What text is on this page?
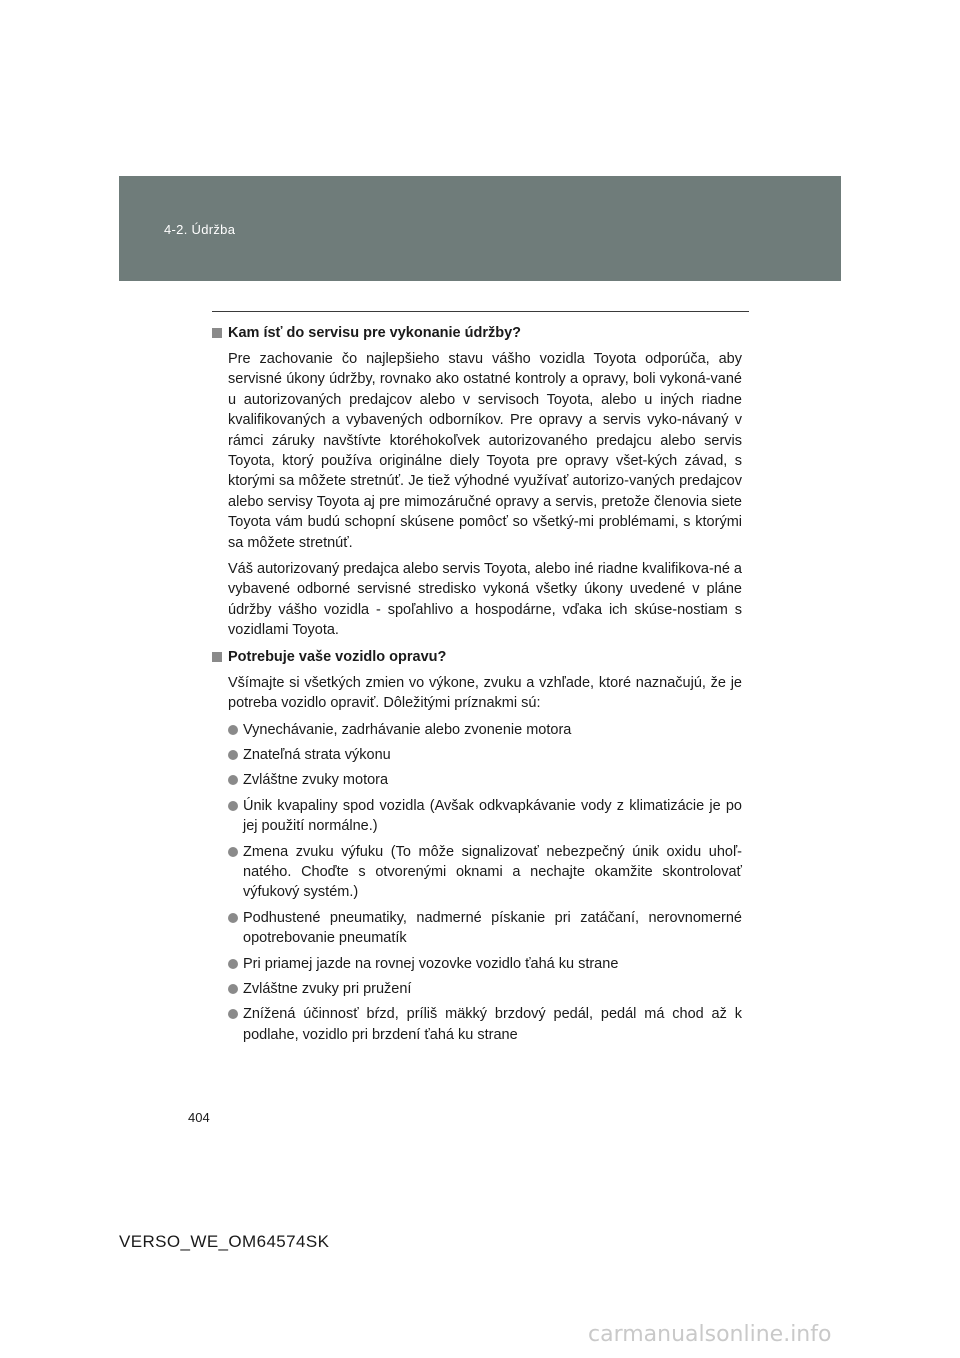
4-2. Údržba
Kam ísť do servisu pre vykonanie údržby?

Pre zachovanie čo najlepšieho stavu vášho vozidla Toyota odporúča, aby servisné úkony údržby, rovnako ako ostatné kontroly a opravy, boli vykoná-vané u autorizovaných predajcov alebo v servisoch Toyota, alebo u iných riadne kvalifikovaných a vybavených odborníkov. Pre opravy a servis vyko-návaný v rámci záruky navštívte ktoréhokoľvek autorizovaného predajcu alebo servis Toyota, ktorý používa originálne diely Toyota pre opravy všet-kých závad, s ktorými sa môžete stretnúť. Je tiež výhodné využívať autorizo-vaných predajcov alebo servisy Toyota aj pre mimozáručné opravy a servis, pretože členovia siete Toyota vám budú schopní skúsene pomôcť so všetký-mi problémami, s ktorými sa môžete stretnúť.

Váš autorizovaný predajca alebo servis Toyota, alebo iné riadne kvalifikova-né a vybavené odborné servisné stredisko vykoná všetky úkony uvedené v pláne údržby vášho vozidla - spoľahlivo a hospodárne, vďaka ich skúse-nostiam s vozidlami Toyota.

Potrebuje vaše vozidlo opravu?

Všímajte si všetkých zmien vo výkone, zvuku a vzhľade, ktoré naznačujú, že je potreba vozidlo opraviť. Dôležitými príznakmi sú:

Vynechávanie, zadrhávanie alebo zvonenie motora
Znateľná strata výkonu
Zvláštne zvuky motora
Únik kvapaliny spod vozidla (Avšak odkvapkávanie vody z klimatizácie je po jej použití normálne.)
Zmena zvuku výfuku (To môže signalizovať nebezpečný únik oxidu uhoľ-natého. Choďte s otvorenými oknami a nechajte okamžite skontrolovať výfukový systém.)
Podhustené pneumatiky, nadmerné pískanie pri zatáčaní, nerovnomerné opotrebovanie pneumatík
Pri priamej jazde na rovnej vozovke vozidlo ťahá ku strane
Zvláštne zvuky pri pružení
Znížená účinnosť bŕzd, príliš mäkký brzdový pedál, pedál má chod až k podlahe, vozidlo pri brzdení ťahá ku strane
404
VERSO_WE_OM64574SK
carmanualsonline.info
